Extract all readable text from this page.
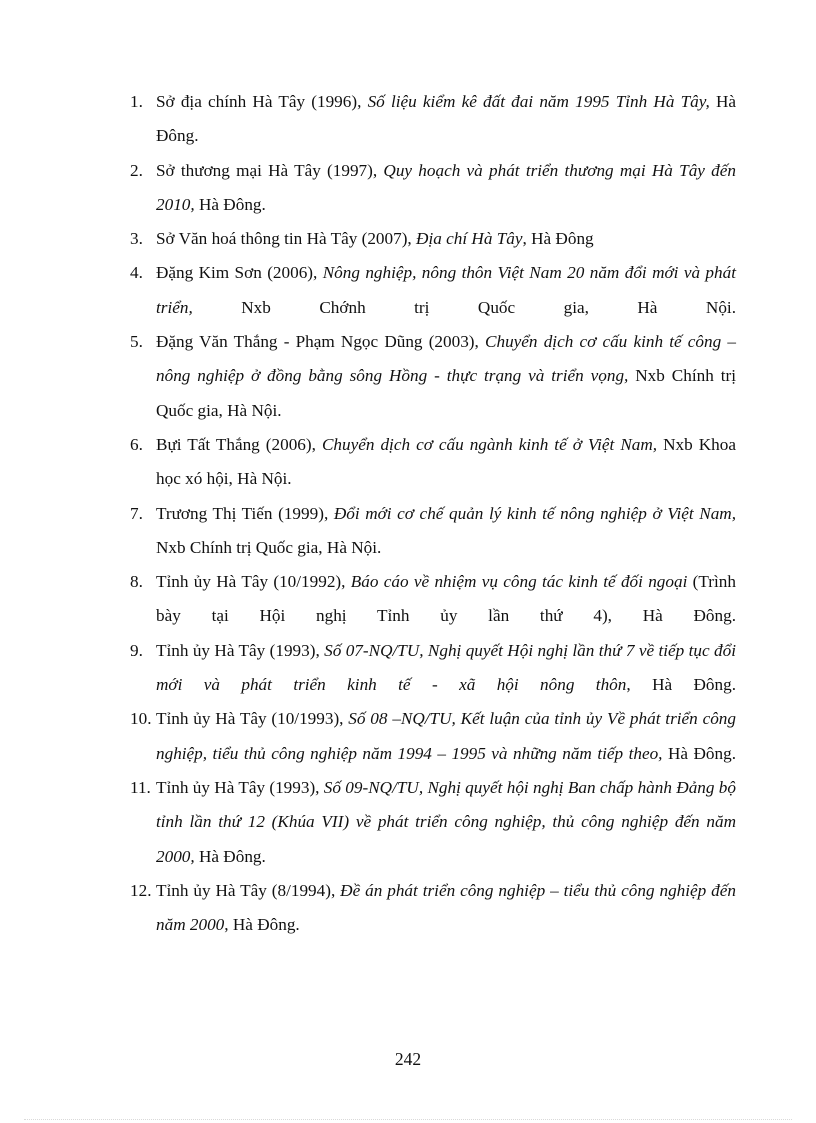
1. Sở địa chính Hà Tây (1996), Số liệu kiểm kê đất đai năm 1995 Tỉnh Hà Tây, Hà Đông.
2. Sở thương mại Hà Tây (1997), Quy hoạch và phát triển thương mại Hà Tây đến 2010, Hà Đông.
3. Sở Văn hoá thông tin Hà Tây (2007), Địa chí Hà Tây, Hà Đông
4. Đặng Kim Sơn (2006), Nông nghiệp, nông thôn Việt Nam 20 năm đổi mới và phát triển, Nxb Chớnh trị Quốc gia, Hà Nội.
5. Đặng Văn Thắng - Phạm Ngọc Dũng (2003), Chuyển dịch cơ cấu kinh tế công – nông nghiệp ở đồng bằng sông Hồng - thực trạng và triển vọng, Nxb Chính trị Quốc gia, Hà Nội.
6. Bựi Tất Thắng (2006), Chuyển dịch cơ cấu ngành kinh tế ở Việt Nam, Nxb Khoa học xó hội, Hà Nội.
7. Trương Thị Tiến (1999), Đổi mới cơ chế quản lý kinh tế nông nghiệp ở Việt Nam, Nxb Chính trị Quốc gia, Hà Nội.
8. Tỉnh ủy Hà Tây (10/1992), Báo cáo về nhiệm vụ công tác kinh tế đối ngoại (Trình bày tại Hội nghị Tỉnh ủy lần thứ 4), Hà Đông.
9. Tỉnh ủy Hà Tây (1993), Số 07-NQ/TU, Nghị quyết Hội nghị lần thứ 7 về tiếp tục đổi mới và phát triển kinh tế - xã hội nông thôn, Hà Đông.
10. Tỉnh ủy Hà Tây (10/1993), Số 08 –NQ/TU, Kết luận của tỉnh ủy Về phát triển công nghiệp, tiểu thủ công nghiệp năm 1994 – 1995 và những năm tiếp theo, Hà Đông.
11. Tỉnh ủy Hà Tây (1993), Số 09-NQ/TU, Nghị quyết hội nghị Ban chấp hành Đảng bộ tỉnh lần thứ 12 (Khúa VII) về phát triển công nghiệp, thủ công nghiệp đến năm 2000, Hà Đông.
12. Tỉnh ủy Hà Tây (8/1994), Đề án phát triển công nghiệp – tiểu thủ công nghiệp đến năm 2000, Hà Đông.
242
